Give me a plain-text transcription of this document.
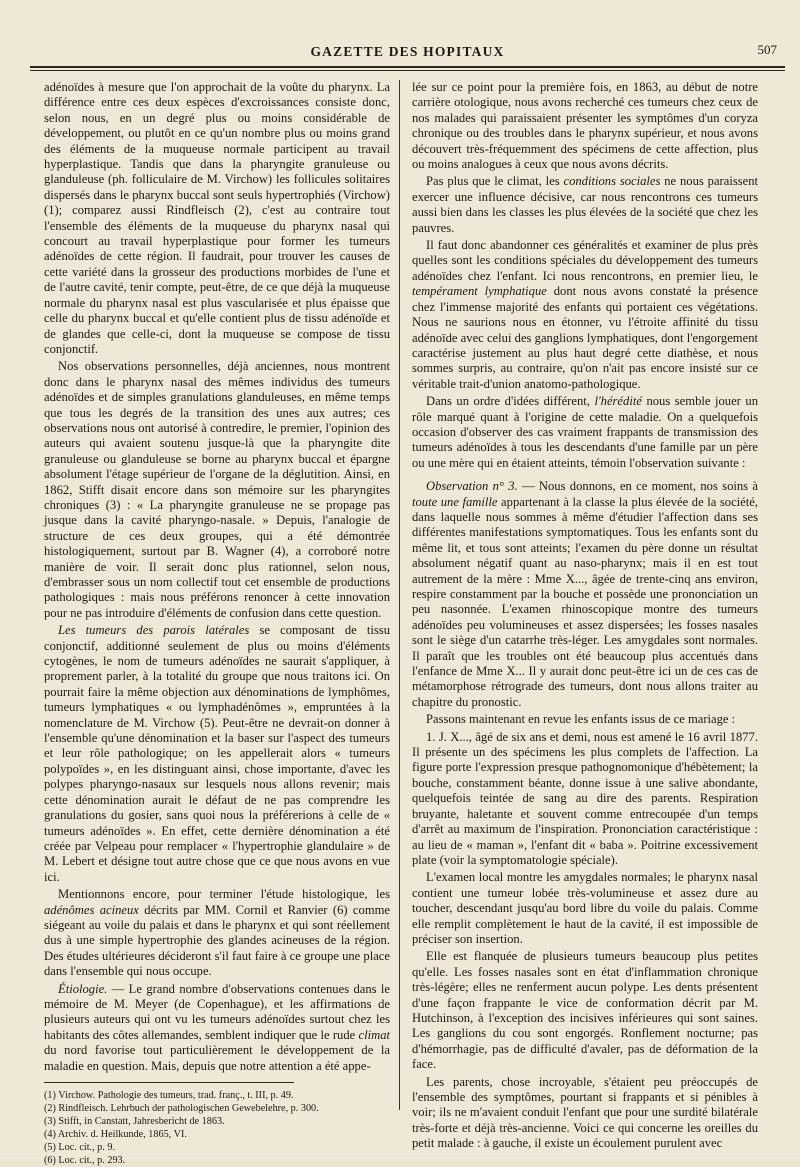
GAZETTE DES HOPITAUX	507

adénoïdes à mesure que l'on approchait de la voûte du pharynx. La différence entre ces deux espèces d'excroissances consiste donc, selon nous, en un degré plus ou moins considérable de développement, ou plutôt en ce qu'un nombre plus ou moins grand des éléments de la muqueuse normale participent au travail hyperplastique. Tandis que dans la pharyngite granuleuse ou glanduleuse (ph. folliculaire de M. Virchow) les follicules solitaires dispersés dans le pharynx buccal sont seuls hypertrophiés (Virchow) (1); comparez aussi Rindfleisch (2), c'est au contraire tout l'ensemble des éléments de la muqueuse du pharynx nasal qui concourt au travail hyperplastique pour former les tumeurs adénoïdes de cette région. Il faudrait, pour trouver les causes de cette variété dans la grosseur des productions morbides de l'une et de l'autre cavité, tenir compte, peut-être, de ce que déjà la muqueuse normale du pharynx nasal est plus vascularisée et plus épaisse que celle du pharynx buccal et qu'elle contient plus de tissu adénoïde et de glandes que celle-ci, dont la muqueuse se compose de tissu conjonctif.

Nos observations personnelles, déjà anciennes, nous montrent donc dans le pharynx nasal des mêmes individus des tumeurs adénoïdes et de simples granulations glanduleuses, en même temps que tous les degrés de la transition des unes aux autres; ces observations nous ont autorisé à contredire, le premier, l'opinion des auteurs qui avaient soutenu jusque-là que la pharyngite dite granuleuse ou glanduleuse se borne au pharynx buccal et épargne absolument l'étage supérieur de l'organe de la déglutition. Ainsi, en 1862, Stifft disait encore dans son mémoire sur les pharyngites chroniques (3) : « La pharyngite granuleuse ne se propage pas jusque dans la cavité pharyngo-nasale. » Depuis, l'analogie de structure de ces deux groupes, qui a été démontrée histologiquement, surtout par B. Wagner (4), a corroboré notre manière de voir. Il serait donc plus rationnel, selon nous, d'embrasser sous un nom collectif tout cet ensemble de productions pathologiques : mais nous préférons renoncer à cette innovation pour ne pas introduire d'éléments de confusion dans cette question.

Les tumeurs des parois latérales se composant de tissu conjonctif, additionné seulement de plus ou moins d'éléments cytogènes, le nom de tumeurs adénoïdes ne saurait s'appliquer, à proprement parler, à la totalité du groupe que nous traitons ici. On pourrait faire la même objection aux dénominations de lymphômes, tumeurs lymphatiques « ou lymphadénômes », empruntées à la nomenclature de M. Virchow (5). Peut-être ne devrait-on donner à l'ensemble qu'une dénomination et la baser sur l'aspect des tumeurs et leur rôle pathologique; on les appellerait alors « tumeurs polypoïdes », en les distinguant ainsi, chose importante, d'avec les polypes pharyngo-nasaux sur lesquels nous allons revenir; mais cette dénomination aurait le défaut de ne pas comprendre les granulations du gosier, sans quoi nous la préférerions à celle de « tumeurs adénoïdes ». En effet, cette dernière dénomination a été créée par Velpeau pour remplacer « l'hypertrophie glandulaire » de M. Lebert et désigne tout autre chose que ce que nous avons en vue ici.

Mentionnons encore, pour terminer l'étude histologique, les adénômes acineux décrits par MM. Cornil et Ranvier (6) comme siégeant au voile du palais et dans le pharynx et qui sont réellement dus à une simple hypertrophie des glandes acineuses de la région. Des études ultérieures décideront s'il faut faire à ce groupe une place dans l'ensemble qui nous occupe.

Étiologie. — Le grand nombre d'observations contenues dans le mémoire de M. Meyer (de Copenhague), et les affirmations de plusieurs auteurs qui ont vu les tumeurs adénoïdes surtout chez les habitants des côtes allemandes, semblent indiquer que le rude climat du nord favorise tout particulièrement le développement de la maladie en question. Mais, depuis que notre attention a été appe-

(1) Virchow. Pathologie des tumeurs, trad. franç., t. III, p. 49.
(2) Rindfleisch. Lehrbuch der pathologischen Gewebelehre, p. 300.
(3) Stifft, in Canstatt, Jahresbericht de 1863.
(4) Archiv. d. Heilkunde, 1865, VI.
(5) Loc. cit., p. 9.
(6) Loc. cit., p. 293.

lée sur ce point pour la première fois, en 1863, au début de notre carrière otologique, nous avons recherché ces tumeurs chez ceux de nos malades qui paraissaient présenter les symptômes d'un coryza chronique ou des troubles dans le pharynx supérieur, et nous avons découvert très-fréquemment des spécimens de cette affection, plus ou moins analogues à ceux que nous avons décrits.

Pas plus que le climat, les conditions sociales ne nous paraissent exercer une influence décisive, car nous rencontrons ces tumeurs aussi bien dans les classes les plus élevées de la société que chez les pauvres.

Il faut donc abandonner ces généralités et examiner de plus près quelles sont les conditions spéciales du développement des tumeurs adénoïdes chez l'enfant. Ici nous rencontrons, en premier lieu, le tempérament lymphatique dont nous avons constaté la présence chez l'immense majorité des enfants qui portaient ces végétations. Nous ne saurions nous en étonner, vu l'étroite affinité du tissu adénoïde avec celui des ganglions lymphatiques, dont l'engorgement caractérise justement au plus haut degré cette diathèse, et nous sommes surpris, au contraire, qu'on n'ait pas encore insisté sur ce véritable trait-d'union anatomo-pathologique.

Dans un ordre d'idées différent, l'hérédité nous semble jouer un rôle marqué quant à l'origine de cette maladie. On a quelquefois occasion d'observer des cas vraiment frappants de transmission des tumeurs adénoïdes à tous les descendants d'une famille par un père ou une mère qui en étaient atteints, témoin l'observation suivante :

Observation n° 3. — Nous donnons, en ce moment, nos soins à toute une famille appartenant à la classe la plus élevée de la société, dans laquelle nous sommes à même d'étudier l'affection dans ses différentes manifestations symptomatiques. Tous les enfants sont du même lit, et tous sont atteints; l'examen du père donne un résultat absolument négatif quant au naso-pharynx; mais il en est tout autrement de la mère : Mme X..., âgée de trente-cinq ans environ, respire constamment par la bouche et possède une prononciation un peu nasonnée. L'examen rhinoscopique montre des tumeurs adénoïdes peu volumineuses et assez dispersées; les fosses nasales sont le siège d'un catarrhe très-léger. Les amygdales sont normales. Il paraît que les troubles ont été beaucoup plus accentués dans l'enfance de Mme X... Il y aurait donc peut-être ici un de ces cas de métamorphose rétrograde des tumeurs, dont nous allons traiter au chapitre du pronostic.

Passons maintenant en revue les enfants issus de ce mariage :

1. J. X..., âgé de six ans et demi, nous est amené le 16 avril 1877. Il présente un des spécimens les plus complets de l'affection. La figure porte l'expression presque pathognomonique d'hébètement; la bouche, constamment béante, donne issue à une salive abondante, quelquefois teintée de sang au dire des parents. Respiration bruyante, haletante et souvent comme entrecoupée d'un temps d'arrêt au maximum de l'inspiration. Prononciation caractéristique : au lieu de « maman », l'enfant dit « baba ». Poitrine excessivement plate (voir la symptomatologie spéciale).

L'examen local montre les amygdales normales; le pharynx nasal contient une tumeur lobée très-volumineuse et assez dure au toucher, descendant jusqu'au bord libre du voile du palais. Comme elle remplit complètement le haut de la cavité, il est impossible de préciser son insertion.

Elle est flanquée de plusieurs tumeurs beaucoup plus petites qu'elle. Les fosses nasales sont en état d'inflammation chronique très-légère; elles ne renferment aucun polype. Les dents présentent d'une façon frappante le vice de conformation décrit par M. Hutchinson, à l'exception des incisives inférieures qui sont saines. Les ganglions du cou sont engorgés. Ronflement nocturne; pas d'hémorrhagie, pas de difficulté d'avaler, pas de déformation de la face.

Les parents, chose incroyable, s'étaient peu préoccupés de l'ensemble des symptômes, pourtant si frappants et si pénibles à voir; ils ne m'avaient conduit l'enfant que pour une surdité bilatérale très-forte et déjà très-ancienne. Voici ce qui concerne les oreilles du petit malade : à gauche, il existe un écoulement purulent avec
